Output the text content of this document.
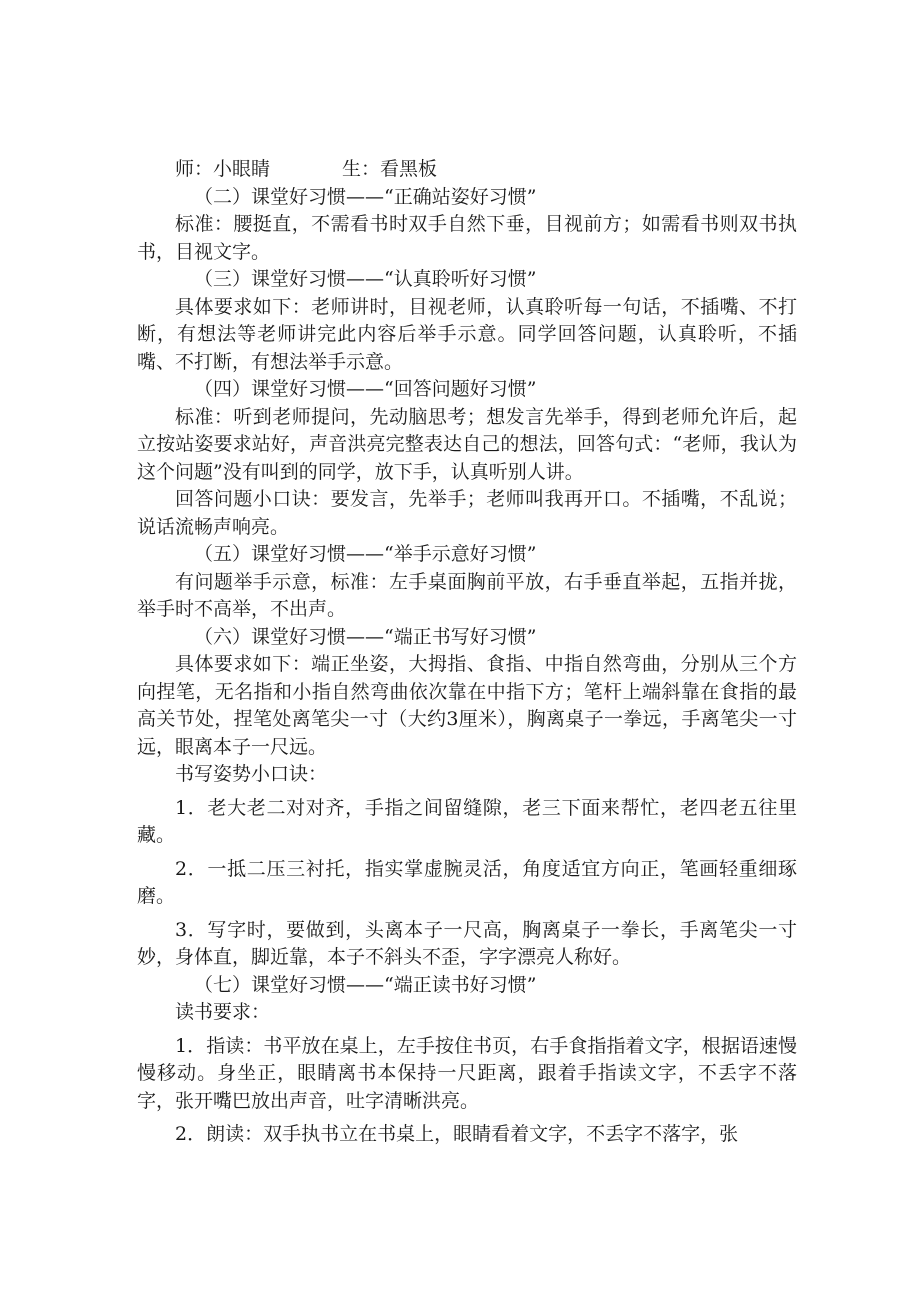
师：小眼睛	生：看黑板

（二）课堂好习惯——“正确站姿好习惯”

标准：腰挺直，不需看书时双手自然下垂，目视前方；如需看书则双书执书，目视文字。

（三）课堂好习惯——“认真聆听好习惯”

具体要求如下：老师讲时，目视老师，认真聆听每一句话，不插嘴、不打断，有想法等老师讲完此内容后举手示意。同学回答问题，认真聆听，不插嘴、不打断，有想法举手示意。

（四）课堂好习惯——“回答问题好习惯”

标准：听到老师提问，先动脑思考；想发言先举手，得到老师允许后，起立按站姿要求站好，声音洪亮完整表达自己的想法，回答句式：“老师，我认为这个问题”没有叫到的同学，放下手，认真听别人讲。

回答问题小口诀：要发言，先举手；老师叫我再开口。不插嘴，不乱说；说话流畅声响亮。

（五）课堂好习惯——“举手示意好习惯”

有问题举手示意，标准：左手桌面胸前平放，右手垂直举起，五指并拢，举手时不高举，不出声。

（六）课堂好习惯——“端正书写好习惯”

具体要求如下：端正坐姿，大拇指、食指、中指自然弯曲，分别从三个方向捏笔，无名指和小指自然弯曲依次靠在中指下方；笔杆上端斜靠在食指的最高关节处，捏笔处离笔尖一寸（大约3厘米），胸离桌子一拳远，手离笔尖一寸远，眼离本子一尺远。

书写姿势小口诀：

1．老大老二对对齐，手指之间留缝隙，老三下面来帮忙，老四老五往里藏。

2．一抵二压三衬托，指实掌虚腕灵活，角度适宜方向正，笔画轻重细琢磨。

3．写字时，要做到，头离本子一尺高，胸离桌子一拳长，手离笔尖一寸妙，身体直，脚近靠，本子不斜头不歪，字字漂亮人称好。

（七）课堂好习惯——“端正读书好习惯”

读书要求：

1．指读：书平放在桌上，左手按住书页，右手食指指着文字，根据语速慢慢移动。身坐正，眼睛离书本保持一尺距离，跟着手指读文字，不丢字不落字，张开嘴巴放出声音，吐字清晰洪亮。

2．朗读：双手执书立在书桌上，眼睛看着文字，不丢字不落字，张
